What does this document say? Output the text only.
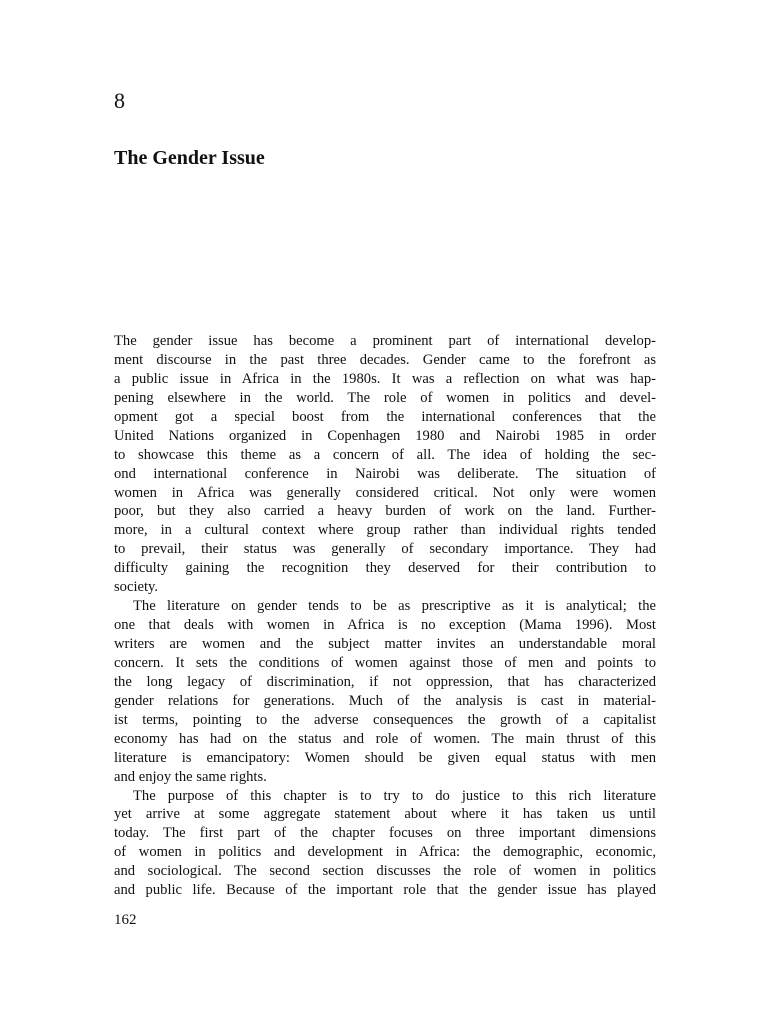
8
The Gender Issue
The gender issue has become a prominent part of international develop-
ment discourse in the past three decades. Gender came to the forefront as
a public issue in Africa in the 1980s. It was a reflection on what was hap-
pening elsewhere in the world. The role of women in politics and devel-
opment got a special boost from the international conferences that the
United Nations organized in Copenhagen 1980 and Nairobi 1985 in order
to showcase this theme as a concern of all. The idea of holding the sec-
ond international conference in Nairobi was deliberate. The situation of
women in Africa was generally considered critical. Not only were women
poor, but they also carried a heavy burden of work on the land. Further-
more, in a cultural context where group rather than individual rights tended
to prevail, their status was generally of secondary importance. They had
difficulty gaining the recognition they deserved for their contribution to
society.
The literature on gender tends to be as prescriptive as it is analytical; the
one that deals with women in Africa is no exception (Mama 1996). Most
writers are women and the subject matter invites an understandable moral
concern. It sets the conditions of women against those of men and points to
the long legacy of discrimination, if not oppression, that has characterized
gender relations for generations. Much of the analysis is cast in material-
ist terms, pointing to the adverse consequences the growth of a capitalist
economy has had on the status and role of women. The main thrust of this
literature is emancipatory: Women should be given equal status with men
and enjoy the same rights.
The purpose of this chapter is to try to do justice to this rich literature
yet arrive at some aggregate statement about where it has taken us until
today. The first part of the chapter focuses on three important dimensions
of women in politics and development in Africa: the demographic, economic,
and sociological. The second section discusses the role of women in politics
and public life. Because of the important role that the gender issue has played
162
